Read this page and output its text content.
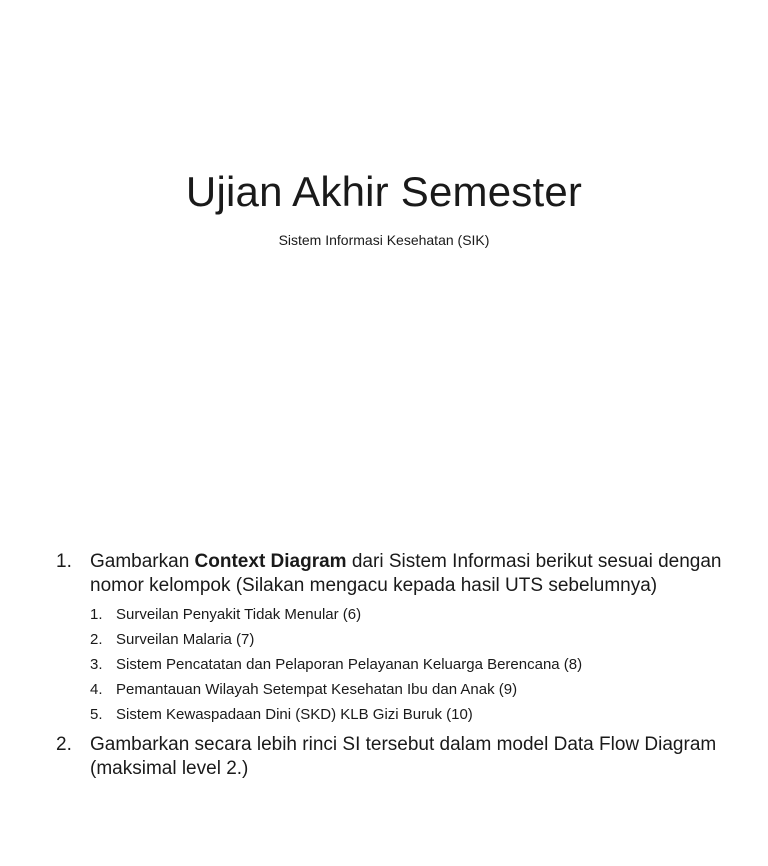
Ujian Akhir Semester
Sistem Informasi Kesehatan (SIK)
1. Gambarkan Context Diagram dari Sistem Informasi berikut sesuai dengan nomor kelompok (Silakan mengacu kepada hasil UTS sebelumnya)
1. Surveilan Penyakit Tidak Menular (6)
2. Surveilan Malaria (7)
3. Sistem Pencatatan dan Pelaporan Pelayanan Keluarga Berencana (8)
4. Pemantauan Wilayah Setempat Kesehatan Ibu dan Anak (9)
5. Sistem Kewaspadaan Dini (SKD) KLB Gizi Buruk (10)
2. Gambarkan secara lebih rinci SI tersebut dalam model Data Flow Diagram (maksimal level 2.)
